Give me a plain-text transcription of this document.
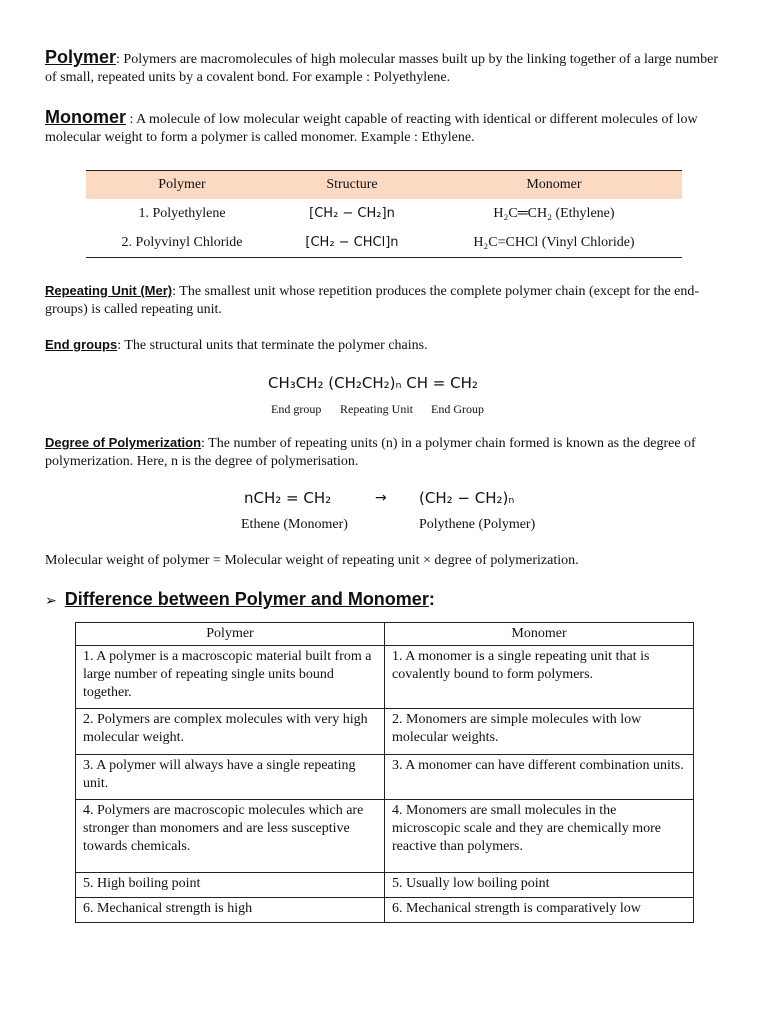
Polymer: Polymers are macromolecules of high molecular masses built up by the linking together of a large number of small, repeated units by a covalent bond. For example : Polyethylene.
Monomer : A molecule of low molecular weight capable of reacting with identical or different molecules of low molecular weight to form a polymer is called monomer. Example : Ethylene.
Polymer	Structure	Monomer
1. Polyethylene	[CH₂ − CH₂]n	H₂C═CH₂ (Ethylene)
2. Polyvinyl Chloride	[CH₂ − CHCl]n	H₂C=CHCl (Vinyl Chloride)
Repeating Unit (Mer): The smallest unit whose repetition produces the complete polymer chain (except for the end-groups) is called repeating unit.
End groups: The structural units that terminate the polymer chains.
CH₃CH₂ (CH₂CH₂)ₙ CH = CH₂
End group Repeating Unit End Group
Degree of Polymerization: The number of repeating units (n) in a polymer chain formed is known as the degree of polymerization. Here, n is the degree of polymerisation.
nCH₂ = CH₂	→ (CH₂ − CH₂)ₙ
Ethene (Monomer)	Polythene (Polymer)
Molecular weight of polymer = Molecular weight of repeating unit × degree of polymerization.
➢ Difference between Polymer and Monomer:
Polymer	Monomer
1. A polymer is a macroscopic material built from a large number of repeating single units bound together.	1. A monomer is a single repeating unit that is covalently bound to form polymers.
2. Polymers are complex molecules with very high molecular weight.	2. Monomers are simple molecules with low molecular weights.
3. A polymer will always have a single repeating unit.	3. A monomer can have different combination units.
4. Polymers are macroscopic molecules which are stronger than monomers and are less susceptive towards chemicals.	4. Monomers are small molecules in the microscopic scale and they are chemically more reactive than polymers.
5. High boiling point	5. Usually low boiling point
6. Mechanical strength is high	6. Mechanical strength is comparatively low
